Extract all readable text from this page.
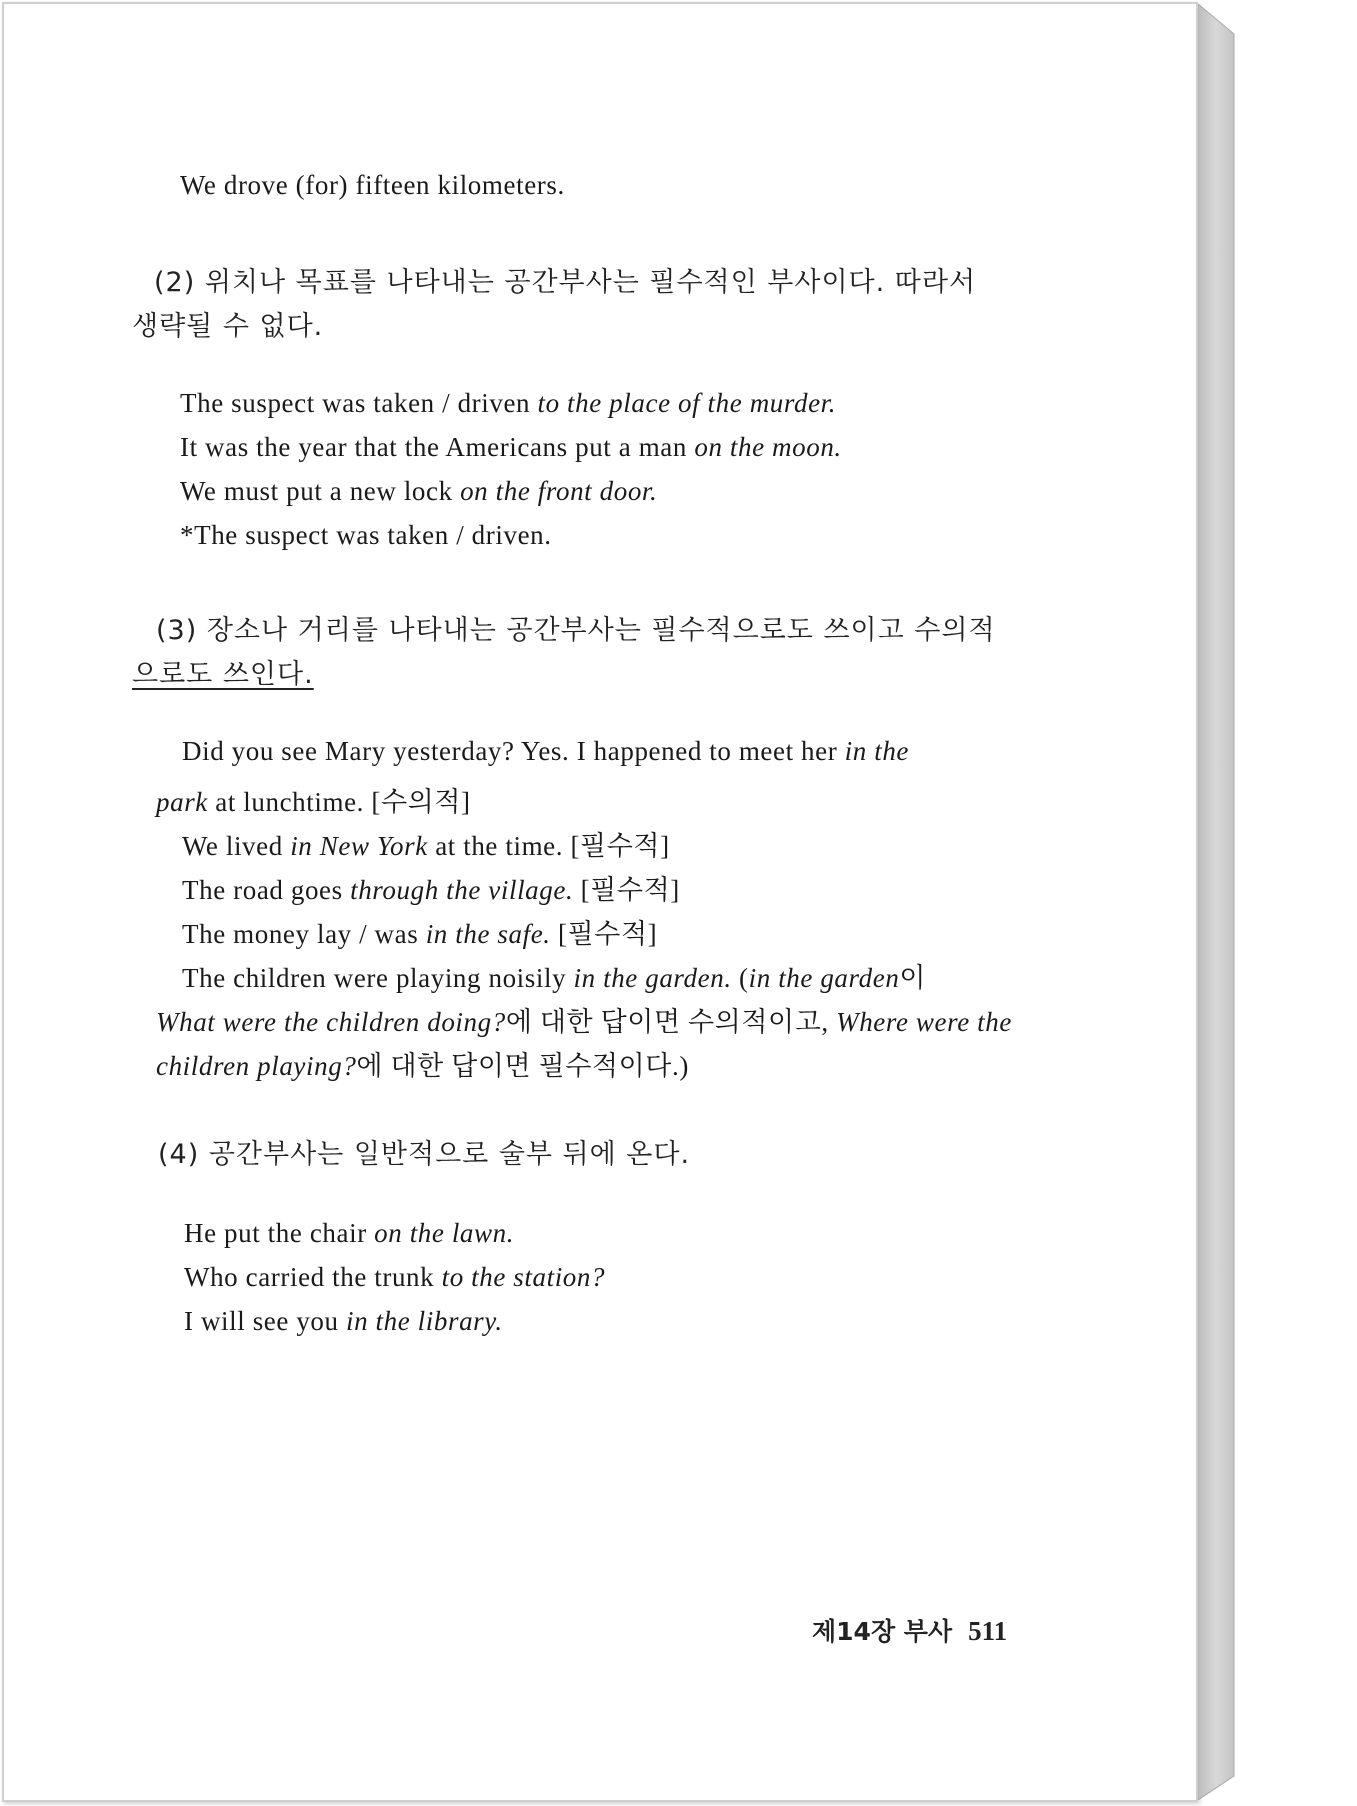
We drove (for) fifteen kilometers.
(2) 위치나 목표를 나타내는 공간부사는 필수적인 부사이다. 따라서
생략될 수 없다.
The suspect was taken / driven to the place of the murder.
It was the year that the Americans put a man on the moon.
We must put a new lock on the front door.
*The suspect was taken / driven.
(3) 장소나 거리를 나타내는 공간부사는 필수적으로도 쓰이고 수의적
으로도 쓰인다.
Did you see Mary yesterday? Yes. I happened to meet her in the
park at lunchtime. [수의적]
We lived in New York at the time. [필수적]
The road goes through the village. [필수적]
The money lay / was in the safe. [필수적]
The children were playing noisily in the garden. (in the garden이
What were the children doing?에 대한 답이면 수의적이고, Where were the
children playing?에 대한 답이면 필수적이다.)
(4) 공간부사는 일반적으로 술부 뒤에 온다.
He put the chair on the lawn.
Who carried the trunk to the station?
I will see you in the library.
제14장 부사 511
